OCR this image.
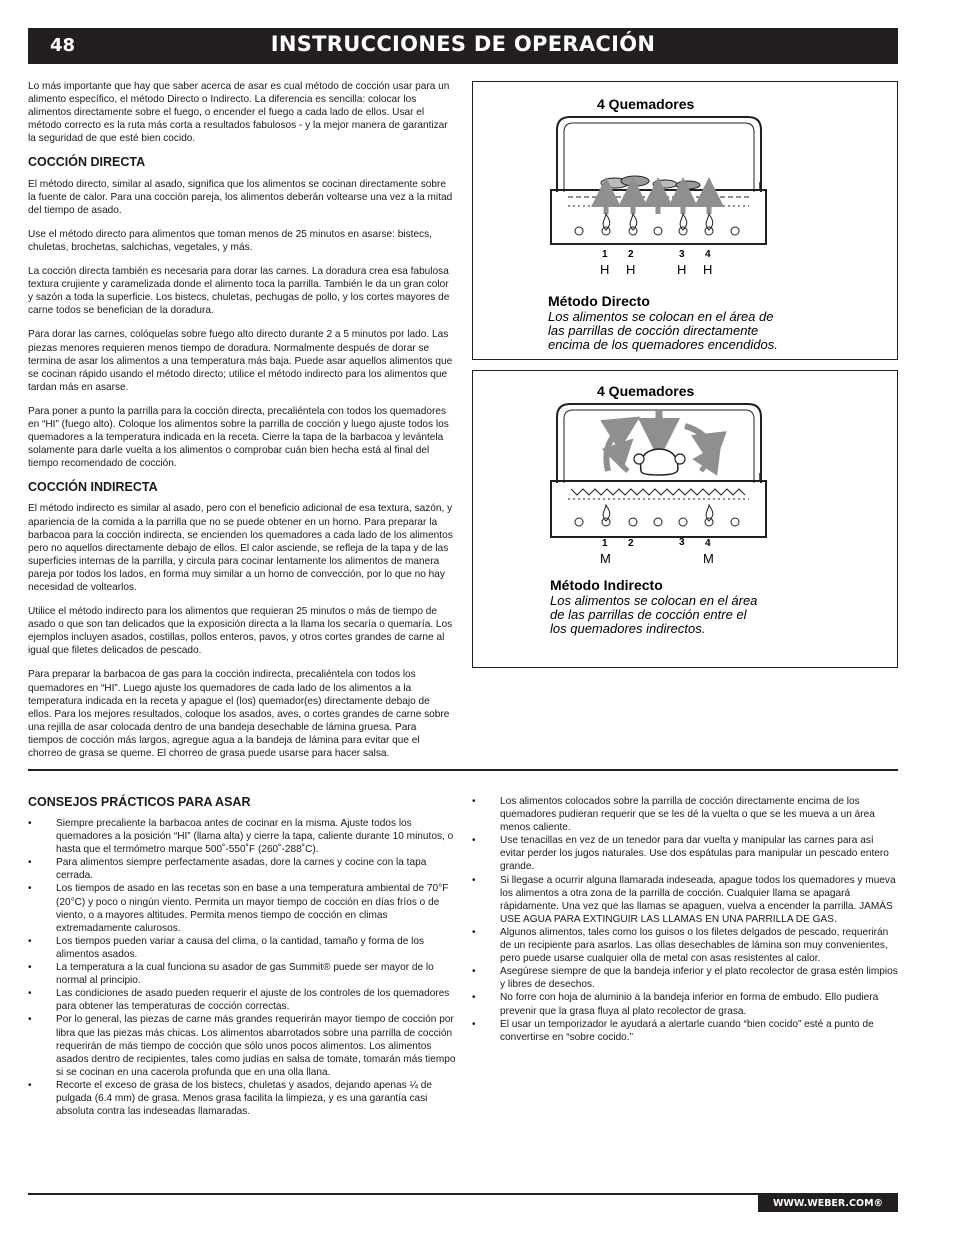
48	INSTRUCCIONES DE OPERACIÓN

Lo más importante que hay que saber acerca de asar es cual método de cocción usar para un alimento específico, el método Directo o Indirecto. La diferencia es sencilla: colocar los alimentos directamente sobre el fuego, o encender el fuego a cada lado de ellos. Usar el método correcto es la ruta más corta a resultados fabulosos - y la mejor manera de garantizar la seguridad de que esté bien cocido.

COCCIÓN DIRECTA

El método directo, similar al asado, significa que los alimentos se cocinan directamente sobre la fuente de calor. Para una cocción pareja, los alimentos deberán voltearse una vez a la mitad del tiempo de asado.

Use el método directo para alimentos que toman menos de 25 minutos en asarse: bistecs, chuletas, brochetas, salchichas, vegetales, y más.

La cocción directa también es necesaria para dorar las carnes. La doradura crea esa fabulosa textura crujiente y caramelizada donde el alimento toca la parrilla. También le da un gran color y sazón a toda la superficie. Los bistecs, chuletas, pechugas de pollo, y los cortes mayores de carne todos se benefician de la doradura.

Para dorar las carnes, colóquelas sobre fuego alto directo durante 2 a 5 minutos por lado. Las piezas menores requieren menos tiempo de doradura. Normalmente después de dorar se termina de asar los alimentos a una temperatura más baja. Puede asar aquellos alimentos que se cocinan rápido usando el método directo; utilice el método indirecto para los alimentos que tardan más en asarse.

Para poner a punto la parrilla para la cocción directa, precaliéntela con todos los quemadores en “HI” (fuego alto). Coloque los alimentos sobre la parrilla de cocción y luego ajuste todos los quemadores a la temperatura indicada en la receta. Cierre la tapa de la barbacoa y levántela solamente para darle vuelta a los alimentos o comprobar cuán bien hecha está al final del tiempo recomendado de cocción.

COCCIÓN INDIRECTA

El método indirecto es similar al asado, pero con el beneficio adicional de esa textura, sazón, y apariencia de la comida a la parrilla que no se puede obtener en un horno. Para preparar la barbacoa para la cocción indirecta, se encienden los quemadores a cada lado de los alimentos pero no aquellos directamente debajo de ellos. El calor asciende, se refleja de la tapa y de las superficies internas de la parrilla, y circula para cocinar lentamente los alimentos de manera pareja por todos los lados, en forma muy similar a un horno de convección, por lo que no hay necesidad de voltearlos.

Utilice el método indirecto para los alimentos que requieran 25 minutos o más de tiempo de asado o que son tan delicados que la exposición directa a la llama los secaría o quemaría. Los ejemplos incluyen asados, costillas, pollos enteros, pavos, y otros cortes grandes de carne al igual que filetes delicados de pescado.

Para preparar la barbacoa de gas para la cocción indirecta, precaliéntela con todos los quemadores en “HI”. Luego ajuste los quemadores de cada lado de los alimentos a la temperatura indicada en la receta y apague el (los) quemador(es) directamente debajo de ellos. Para los mejores resultados, coloque los asados, aves, o cortes grandes de carne sobre una rejilla de asar colocada dentro de una bandeja desechable de lámina gruesa. Para tiempos de cocción más largos, agregue agua a la bandeja de lámina para evitar que el chorreo de grasa se queme. El chorreo de grasa puede usarse para hacer salsa.

4 Quemadores
1 2	3 4
H H	H H
Método Directo
Los alimentos se colocan en el área de
las parrillas de cocción directamente
encima de los quemadores encendidos.
4 Quemadores
1 2	3 4
M	M
Método Indirecto
Los alimentos se colocan en el área
de las parrillas de cocción entre el
los quemadores indirectos.
CONSEJOS PRÁCTICOS PARA ASAR
• Siempre precaliente la barbacoa antes de cocinar en la misma. Ajuste todos los quemadores a la posición “HI” (llama alta) y cierre la tapa, caliente durante 10 minutos, o hasta que el termómetro marque 500˚-550˚F (260˚-288˚C).
• Para alimentos siempre perfectamente asadas, dore la carnes y cocine con la tapa cerrada.
• Los tiempos de asado en las recetas son en base a una temperatura ambiental de 70°F (20°C) y poco o ningún viento. Permita un mayor tiempo de cocción en días fríos o de viento, o a mayores altitudes. Permita menos tiempo de cocción en climas extremadamente calurosos.
• Los tiempos pueden variar a causa del clima, o la cantidad, tamaño y forma de los alimentos asados.
• La temperatura a la cual funciona su asador de gas Summit® puede ser mayor de lo normal al principio.
• Las condiciones de asado pueden requerir el ajuste de los controles de los quemadores para obtener las temperaturas de cocción correctas.
• Por lo general, las piezas de carne más grandes requerirán mayor tiempo de cocción por libra que las piezas más chicas. Los alimentos abarrotados sobre una parrilla de cocción requerirán de más tiempo de cocción que sólo unos pocos alimentos. Los alimentos asados dentro de recipientes, tales como judías en salsa de tomate, tomarán más tiempo si se cocinan en una cacerola profunda que en una olla llana.
• Recorte el exceso de grasa de los bistecs, chuletas y asados, dejando apenas ¼ de pulgada (6.4 mm) de grasa. Menos grasa facilita la limpieza, y es una garantía casi absoluta contra las indeseadas llamaradas.
• Los alimentos colocados sobre la parrilla de cocción directamente encima de los quemadores pudieran requerir que se les dé la vuelta o que se les mueva a un área menos caliente.
• Use tenacillas en vez de un tenedor para dar vuelta y manipular las carnes para así evitar perder los jugos naturales. Use dos espátulas para manipular un pescado entero grande.
• Si llegase a ocurrir alguna llamarada indeseada, apague todos los quemadores y mueva los alimentos a otra zona de la parrilla de cocción. Cualquier llama se apagará rápidamente. Una vez que las llamas se apaguen, vuelva a encender la parrilla. JAMÁS USE AGUA PARA EXTINGUIR LAS LLAMAS EN UNA PARRILLA DE GAS.
• Algunos alimentos, tales como los guisos o los filetes delgados de pescado, requerirán de un recipiente para asarlos. Las ollas desechables de lámina son muy convenientes, pero puede usarse cualquier olla de metal con asas resistentes al calor.
• Asegúrese siempre de que la bandeja inferior y el plato recolector de grasa estén limpios y libres de desechos.
• No forre con hoja de aluminio a la bandeja inferior en forma de embudo. Ello pudiera prevenir que la grasa fluya al plato recolector de grasa.
• El usar un temporizador le ayudará a alertarle cuando “bien cocido” esté a punto de convertirse en “sobre cocido.”
WWW.WEBER.COM®
